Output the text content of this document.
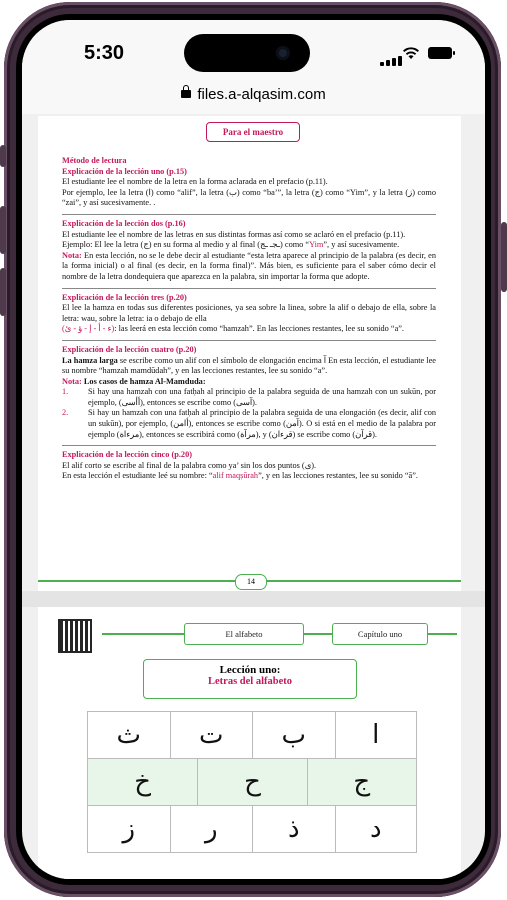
5:30
files.a-alqasim.com
Para el maestro

Método de lectura

Explicación de la lección uno (p.15)

El estudiante lee el nombre de la letra en la forma aclarada en el prefacio (p.11).

Por ejemplo, lee la letra (ا) como “alif”, la letra (ب) como “ba’”, la letra (ج) como “Yim”, y la letra (ز) como “zai”, y así sucesivamente. .

Explicación de la lección dos (p.16)

El estudiante lee el nombre de las letras en sus distintas formas así como se aclaró en el prefacio (p.11).

Ejemplo: El lee la letra (ج) en su forma al medio y al final (ـجـ ـج) como “Yim”, y así sucesivamente.

Nota: En esta lección, no se le debe decir al estudiante “esta letra aparece al principio de la palabra (es decir, en la forma inicial) o al final (es decir, en la forma final)”. Más bien, es suficiente para el saber cómo decir el nombre de la letra dondequiera que aparezca en la palabra, sin importar la forma que adopte.

Explicación de la lección tres (p.20)

El lee la hamza en todas sus diferentes posiciones, ya sea sobre la linea, sobre la alif o debajo de ella, sobre la letra: wau, sobre la letra: ia o debajo de ella

(ء - أ - إ - ؤ - ئ): las leerá en esta lección como “hamzah”. En las lecciones restantes, lee su sonido “a”.

Explicación de la lección cuatro (p.20)

La hamza larga se escribe como un alif con el símbolo de elongación encima آ En esta lección, el estudiante lee su nombre “hamzah mamdūdah”, y en las lecciones restantes, lee su sonido “a”.

Nota: Los casos de hamza Al-Mamduda:

1.	Si hay una hamzah con una fatḥah al principio de la palabra seguida de una hamzah con un sukūn, por ejemplo, (أأسى), entonces se escribe como (آسى).
2.	Si hay un hamzah con una fatḥah al principio de la palabra seguida de una elongación (es decir, alif con un sukūn), por ejemplo, (أامن), entonces se escribe como (آمن). O si está en el medio de la palabra por ejemplo (مرءاة), entonces se escribirá como (مرآة), y (قرءان) se escribe como (قرآن).

Explicación de la lección cinco (p.20)

El alif corto se escribe al final de la palabra como ya’ sin los dos puntos (ى).

En esta lección el estudiante leé su nombre: “alif maqṣūrah”, y en las lecciones restantes, lee su sonido “ā”.

14
El alfabeto	Capítulo uno
Lección uno:
Letras del alfabeto
ث	ت	ب	ا
خ	ح	ج
ز	ر	ذ	د
